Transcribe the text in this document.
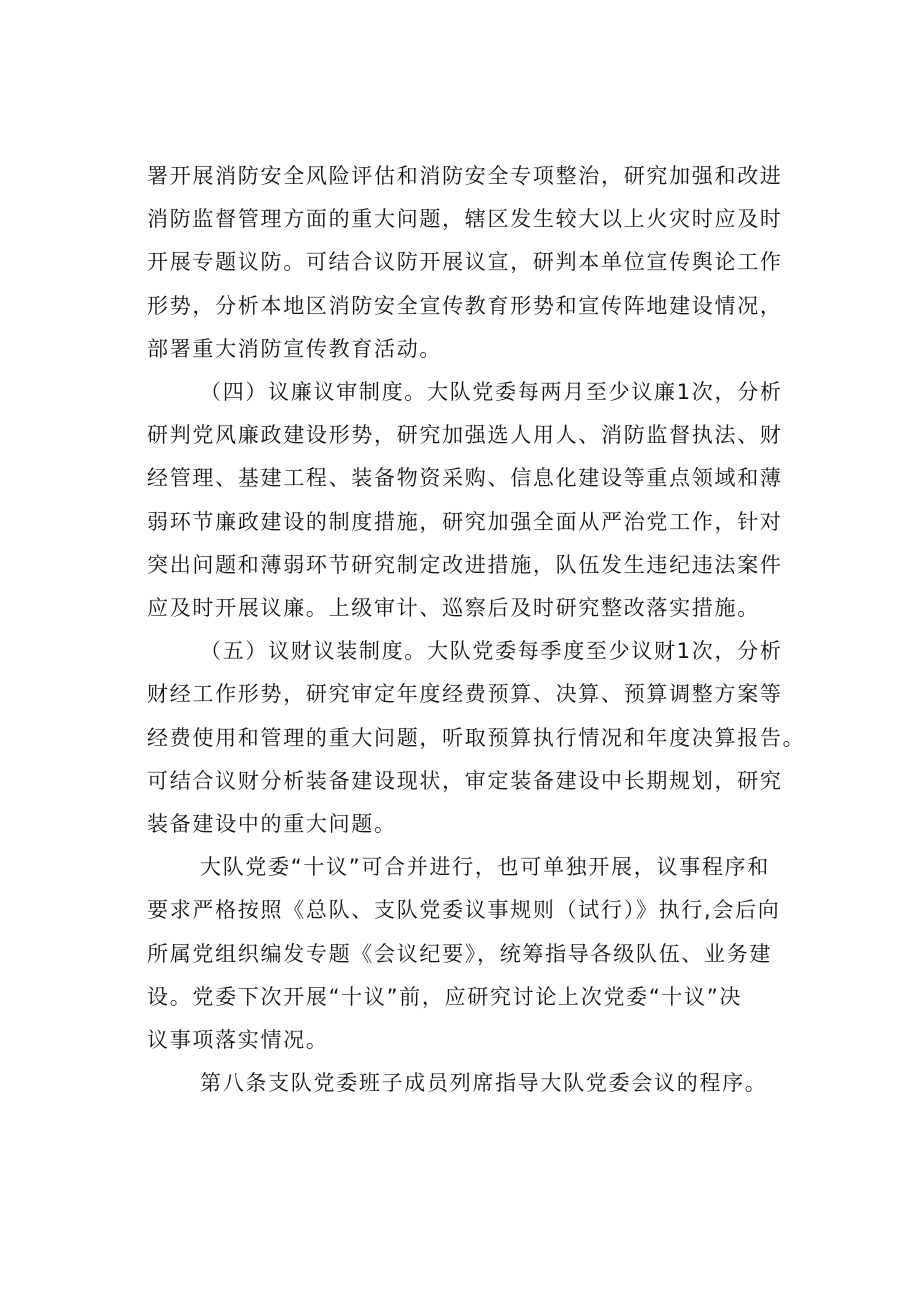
署开展消防安全风险评估和消防安全专项整治，研究加强和改进
消防监督管理方面的重大问题，辖区发生较大以上火灾时应及时
开展专题议防。可结合议防开展议宣，研判本单位宣传舆论工作
形势，分析本地区消防安全宣传教育形势和宣传阵地建设情况，
部署重大消防宣传教育活动。

（四）议廉议审制度。大队党委每两月至少议廉1次，分析
研判党风廉政建设形势，研究加强选人用人、消防监督执法、财
经管理、基建工程、装备物资采购、信息化建设等重点领域和薄
弱环节廉政建设的制度措施，研究加强全面从严治党工作，针对
突出问题和薄弱环节研究制定改进措施，队伍发生违纪违法案件
应及时开展议廉。上级审计、巡察后及时研究整改落实措施。

（五）议财议装制度。大队党委每季度至少议财1次，分析
财经工作形势，研究审定年度经费预算、决算、预算调整方案等
经费使用和管理的重大问题，听取预算执行情况和年度决算报告。
可结合议财分析装备建设现状，审定装备建设中长期规划，研究
装备建设中的重大问题。

大队党委“十议”可合并进行，也可单独开展，议事程序和
要求严格按照《总队、支队党委议事规则（试行）》执行,会后向
所属党组织编发专题《会议纪要》，统筹指导各级队伍、业务建
设。党委下次开展“十议”前，应研究讨论上次党委“十议”决
议事项落实情况。

第八条支队党委班子成员列席指导大队党委会议的程序。
